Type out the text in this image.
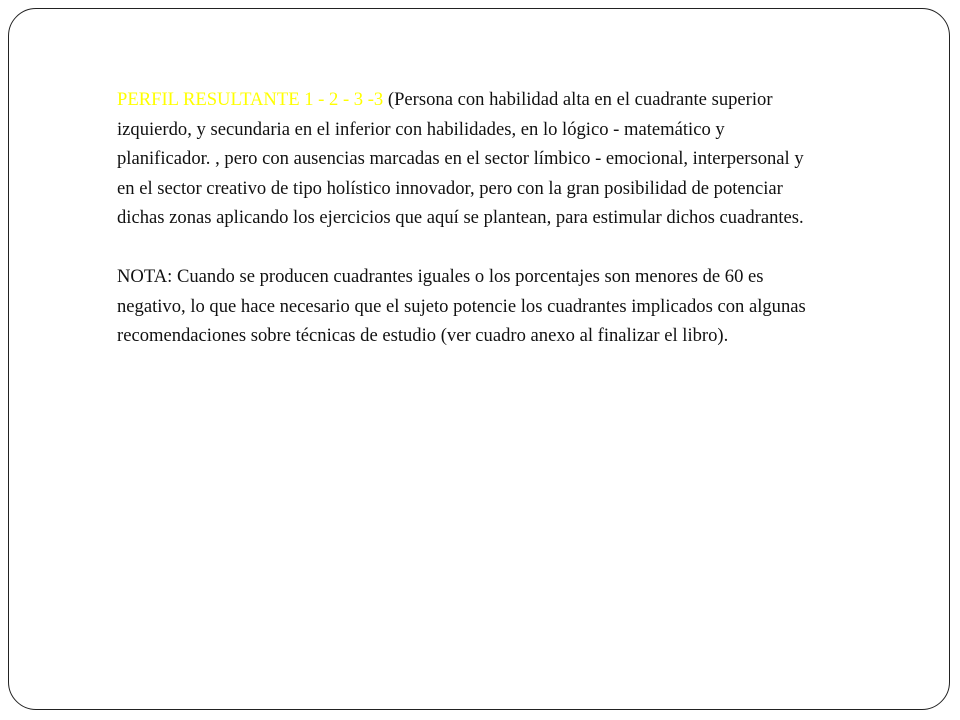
PERFIL RESULTANTE 1 - 2 - 3 -3 (Persona con habilidad alta en el cuadrante superior izquierdo, y secundaria en el inferior con habilidades, en lo lógico - matemático y planificador. , pero con ausencias marcadas en el sector límbico - emocional, interpersonal y en el sector creativo de tipo holístico innovador, pero con la gran posibilidad de potenciar dichas zonas aplicando los ejercicios que aquí se plantean, para estimular dichos cuadrantes.

NOTA: Cuando se producen cuadrantes iguales o los porcentajes son menores de 60 es negativo, lo que hace necesario que el sujeto potencie los cuadrantes implicados con algunas recomendaciones sobre técnicas de estudio (ver cuadro anexo al finalizar el libro).
